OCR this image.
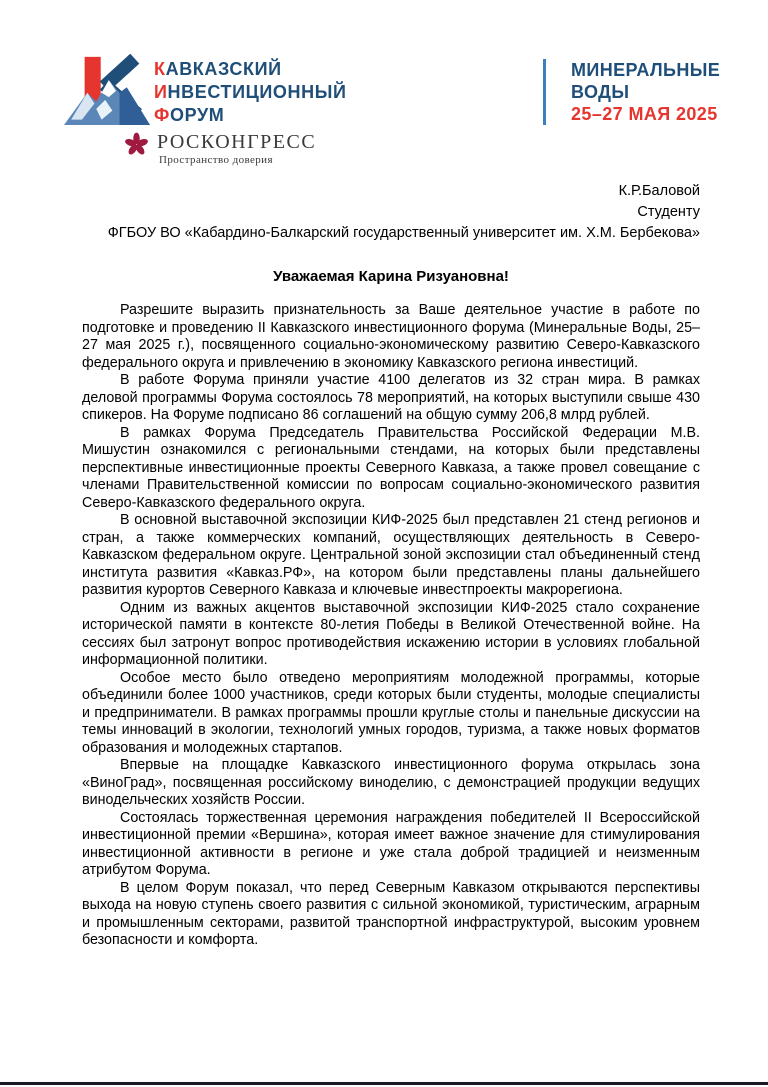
КАВКАЗСКИЙ
ИНВЕСТИЦИОННЫЙ
ФОРУМ
РОСКОНГРЕСС
Пространство доверия
МИНЕРАЛЬНЫЕ
ВОДЫ
25–27 МАЯ 2025
К.Р.Баловой
Студенту
ФГБОУ ВО «Кабардино-Балкарский государственный университет им. Х.М. Бербекова»
Уважаемая Карина Ризуановна!

Разрешите выразить признательность за Ваше деятельное участие в работе по подготовке и проведению II Кавказского инвестиционного форума (Минеральные Воды, 25–27 мая 2025 г.), посвященного социально-экономическому развитию Северо-Кавказского федерального округа и привлечению в экономику Кавказского региона инвестиций.

В работе Форума приняли участие 4100 делегатов из 32 стран мира. В рамках деловой программы Форума состоялось 78 мероприятий, на которых выступили свыше 430 спикеров. На Форуме подписано 86 соглашений на общую сумму 206,8 млрд рублей.

В рамках Форума Председатель Правительства Российской Федерации М.В. Мишустин ознакомился с региональными стендами, на которых были представлены перспективные инвестиционные проекты Северного Кавказа, а также провел совещание с членами Правительственной комиссии по вопросам социально-экономического развития Северо-Кавказского федерального округа.

В основной выставочной экспозиции КИФ-2025 был представлен 21 стенд регионов и стран, а также коммерческих компаний, осуществляющих деятельность в Северо-Кавказском федеральном округе. Центральной зоной экспозиции стал объединенный стенд института развития «Кавказ.РФ», на котором были представлены планы дальнейшего развития курортов Северного Кавказа и ключевые инвестпроекты макрорегиона.

Одним из важных акцентов выставочной экспозиции КИФ-2025 стало сохранение исторической памяти в контексте 80-летия Победы в Великой Отечественной войне. На сессиях был затронут вопрос противодействия искажению истории в условиях глобальной информационной политики.

Особое место было отведено мероприятиям молодежной программы, которые объединили более 1000 участников, среди которых были студенты, молодые специалисты и предприниматели. В рамках программы прошли круглые столы и панельные дискуссии на темы инноваций в экологии, технологий умных городов, туризма, а также новых форматов образования и молодежных стартапов.

Впервые на площадке Кавказского инвестиционного форума открылась зона «ВиноГрад», посвященная российскому виноделию, с демонстрацией продукции ведущих винодельческих хозяйств России.

Состоялась торжественная церемония награждения победителей II Всероссийской инвестиционной премии «Вершина», которая имеет важное значение для стимулирования инвестиционной активности в регионе и уже стала доброй традицией и неизменным атрибутом Форума.

В целом Форум показал, что перед Северным Кавказом открываются перспективы выхода на новую ступень своего развития с сильной экономикой, туристическим, аграрным и промышленным секторами, развитой транспортной инфраструктурой, высоким уровнем безопасности и комфорта.
